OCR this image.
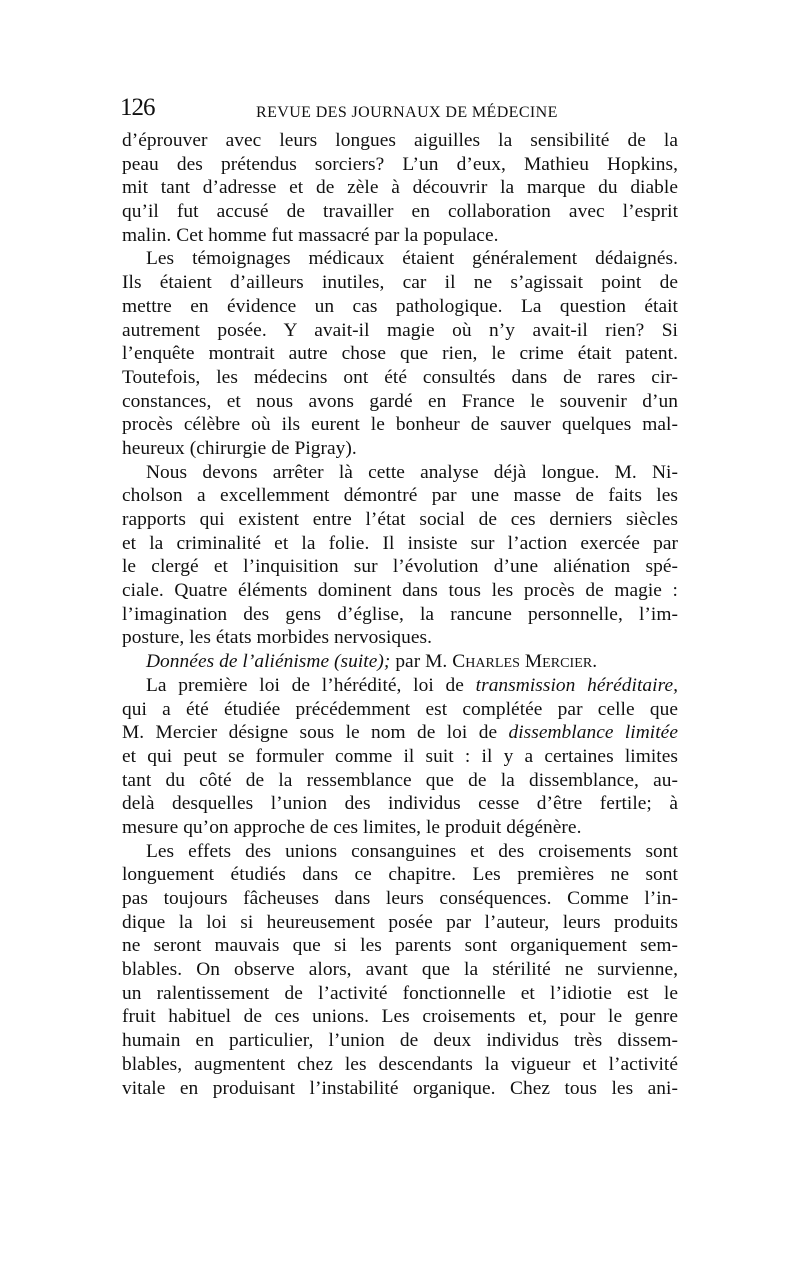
126	REVUE DES JOURNAUX DE MÉDECINE
d’éprouver avec leurs longues aiguilles la sensibilité de la
peau des prétendus sorciers? L’un d’eux, Mathieu Hopkins,
mit tant d’adresse et de zèle à découvrir la marque du diable
qu’il fut accusé de travailler en collaboration avec l’esprit
malin. Cet homme fut massacré par la populace.
Les témoignages médicaux étaient généralement dédaignés.
Ils étaient d’ailleurs inutiles, car il ne s’agissait point de
mettre en évidence un cas pathologique. La question était
autrement posée. Y avait-il magie où n’y avait-il rien? Si
l’enquête montrait autre chose que rien, le crime était patent.
Toutefois, les médecins ont été consultés dans de rares cir-
constances, et nous avons gardé en France le souvenir d’un
procès célèbre où ils eurent le bonheur de sauver quelques mal-
heureux (chirurgie de Pigray).
Nous devons arrêter là cette analyse déjà longue. M. Ni-
cholson a excellemment démontré par une masse de faits les
rapports qui existent entre l’état social de ces derniers siècles
et la criminalité et la folie. Il insiste sur l’action exercée par
le clergé et l’inquisition sur l’évolution d’une aliénation spé-
ciale. Quatre éléments dominent dans tous les procès de magie :
l’imagination des gens d’église, la rancune personnelle, l’im-
posture, les états morbides nervosiques.
Données de l’aliénisme (suite); par M. Charles Mercier.
La première loi de l’hérédité, loi de transmission héréditaire,
qui a été étudiée précédemment est complétée par celle que
M. Mercier désigne sous le nom de loi de dissemblance limitée
et qui peut se formuler comme il suit : il y a certaines limites
tant du côté de la ressemblance que de la dissemblance, au-
delà desquelles l’union des individus cesse d’être fertile; à
mesure qu’on approche de ces limites, le produit dégénère.
Les effets des unions consanguines et des croisements sont
longuement étudiés dans ce chapitre. Les premières ne sont
pas toujours fâcheuses dans leurs conséquences. Comme l’in-
dique la loi si heureusement posée par l’auteur, leurs produits
ne seront mauvais que si les parents sont organiquement sem-
blables. On observe alors, avant que la stérilité ne survienne,
un ralentissement de l’activité fonctionnelle et l’idiotie est le
fruit habituel de ces unions. Les croisements et, pour le genre
humain en particulier, l’union de deux individus très dissem-
blables, augmentent chez les descendants la vigueur et l’activité
vitale en produisant l’instabilité organique. Chez tous les ani-
